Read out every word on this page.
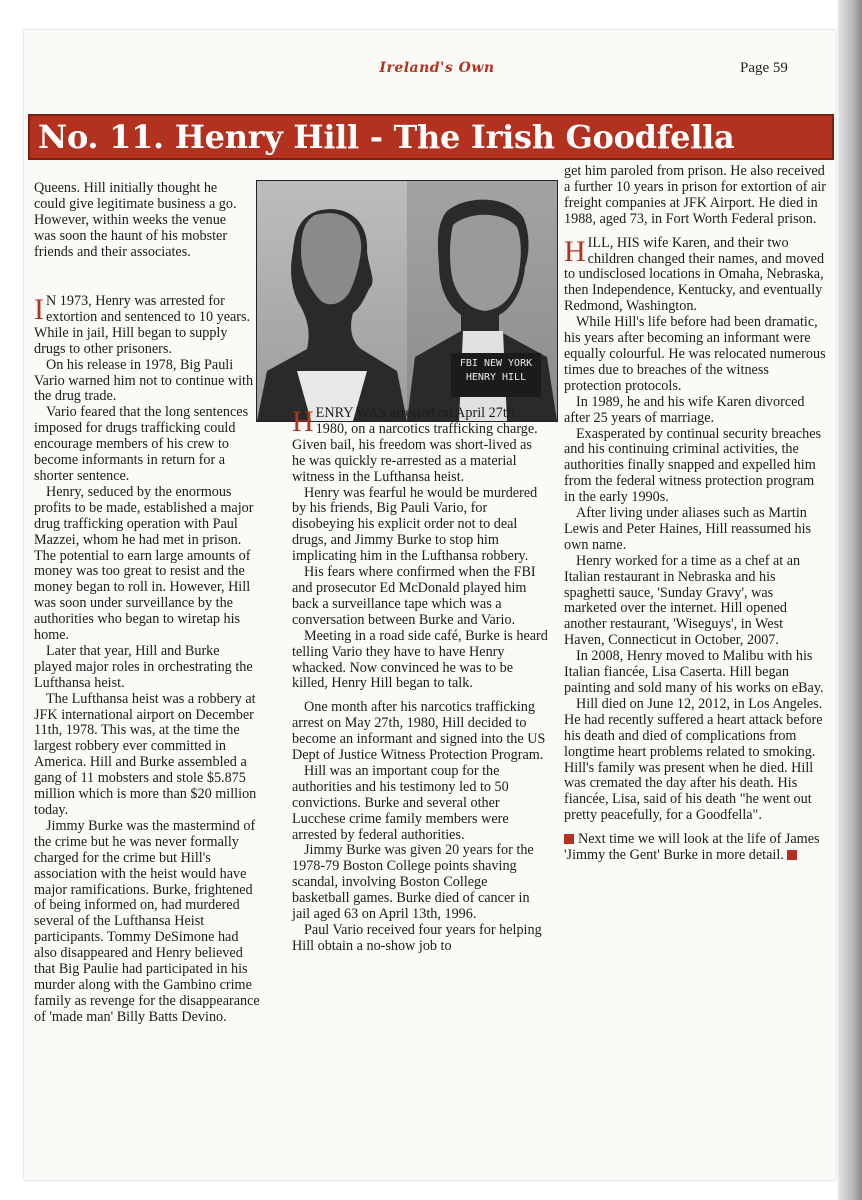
Ireland's Own	Page 59
No. 11. Henry Hill - The Irish Goodfella

Queens. Hill initially thought he could give legitimate business a go. However, within weeks the venue was soon the haunt of his mobster friends and their associates.

FBI NEW YORK
HENRY HILL

I N 1973, Henry was arrested for extortion and sentenced to 10 years. While in jail, Hill began to supply drugs to other prisoners.

On his release in 1978, Big Pauli Vario warned him not to continue with the drug trade.

Vario feared that the long sentences imposed for drugs trafficking could encourage members of his crew to become informants in return for a shorter sentence.

Henry, seduced by the enormous profits to be made, established a major drug trafficking operation with Paul Mazzei, whom he had met in prison. The potential to earn large amounts of money was too great to resist and the money began to roll in. However, Hill was soon under surveillance by the authorities who began to wiretap his home.

Later that year, Hill and Burke played major roles in orchestrating the Lufthansa heist.

The Lufthansa heist was a robbery at JFK international airport on December 11th, 1978. This was, at the time the largest robbery ever committed in America. Hill and Burke assembled a gang of 11 mobsters and stole $5.875 million which is more than $20 million today.

Jimmy Burke was the mastermind of the crime but he was never formally charged for the crime but Hill's association with the heist would have major ramifications. Burke, frightened of being informed on, had murdered several of the Lufthansa Heist participants. Tommy DeSimone had also disappeared and Henry believed that Big Paulie had participated in his murder along with the Gambino crime family as revenge for the disappearance of 'made man' Billy Batts Devino.

HENRY WAS arrested on April 27th, 1980, on a narcotics trafficking charge. Given bail, his freedom was short-lived as he was quickly re-arrested as a material witness in the Lufthansa heist.

Henry was fearful he would be murdered by his friends, Big Pauli Vario, for disobeying his explicit order not to deal drugs, and Jimmy Burke to stop him implicating him in the Lufthansa robbery.

His fears where confirmed when the FBI and prosecutor Ed McDonald played him back a surveillance tape which was a conversation between Burke and Vario.

Meeting in a road side café, Burke is heard telling Vario they have to have Henry whacked. Now convinced he was to be killed, Henry Hill began to talk.

One month after his narcotics trafficking arrest on May 27th, 1980, Hill decided to become an informant and signed into the US Dept of Justice Witness Protection Program.

Hill was an important coup for the authorities and his testimony led to 50 convictions. Burke and several other Lucchese crime family members were arrested by federal authorities.

Jimmy Burke was given 20 years for the 1978-79 Boston College points shaving scandal, involving Boston College basketball games. Burke died of cancer in jail aged 63 on April 13th, 1996.

Paul Vario received four years for helping Hill obtain a no-show job to

get him paroled from prison. He also received a further 10 years in prison for extortion of air freight companies at JFK Airport. He died in 1988, aged 73, in Fort Worth Federal prison.

HILL, HIS wife Karen, and their two children changed their names, and moved to undisclosed locations in Omaha, Nebraska, then Independence, Kentucky, and eventually Redmond, Washington.

While Hill's life before had been dramatic, his years after becoming an informant were equally colourful. He was relocated numerous times due to breaches of the witness protection protocols.

In 1989, he and his wife Karen divorced after 25 years of marriage.

Exasperated by continual security breaches and his continuing criminal activities, the authorities finally snapped and expelled him from the federal witness protection program in the early 1990s.

After living under aliases such as Martin Lewis and Peter Haines, Hill reassumed his own name.

Henry worked for a time as a chef at an Italian restaurant in Nebraska and his spaghetti sauce, 'Sunday Gravy', was marketed over the internet. Hill opened another restaurant, 'Wiseguys', in West Haven, Connecticut in October, 2007.

In 2008, Henry moved to Malibu with his Italian fiancée, Lisa Caserta. Hill began painting and sold many of his works on eBay.

Hill died on June 12, 2012, in Los Angeles. He had recently suffered a heart attack before his death and died of complications from longtime heart problems related to smoking. Hill's family was present when he died. Hill was cremated the day after his death. His fiancée, Lisa, said of his death "he went out pretty peacefully, for a Goodfella".

Next time we will look at the life of James 'Jimmy the Gent' Burke in more detail.
